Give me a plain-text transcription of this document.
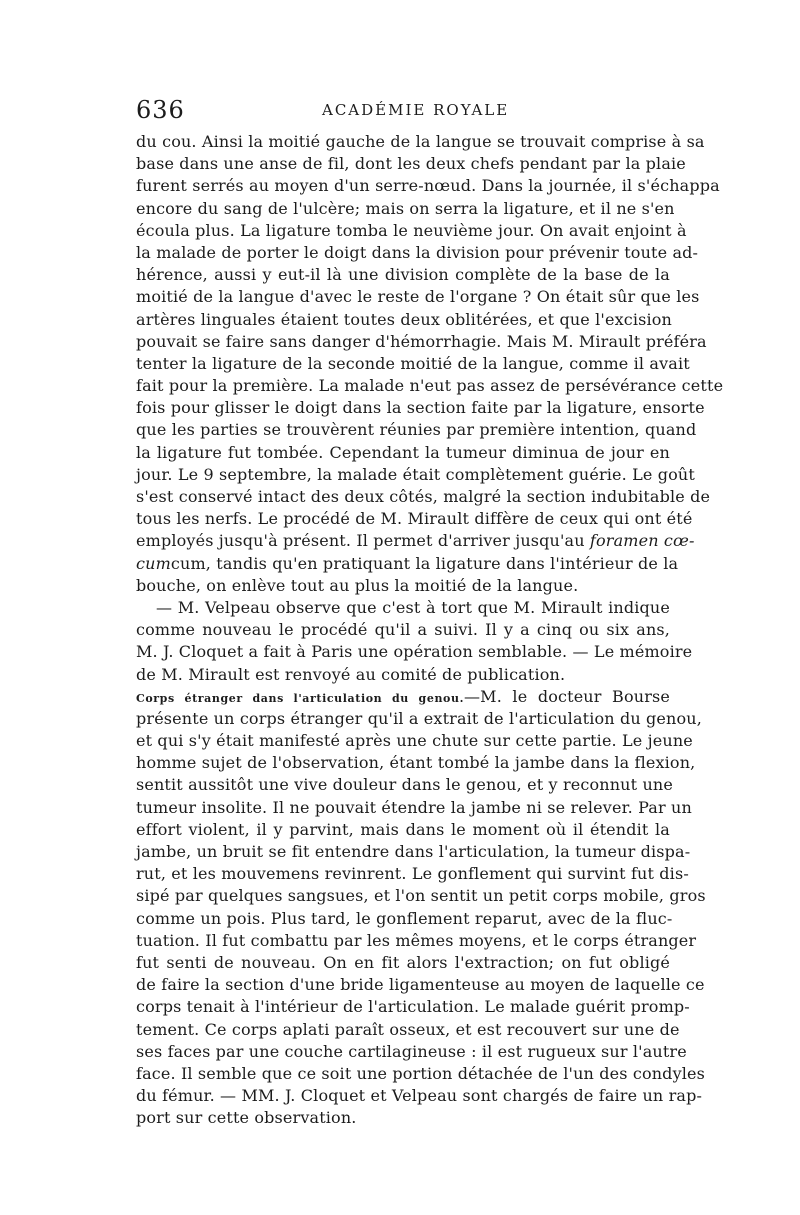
636	ACADÉMIE ROYALE
du cou. Ainsi la moitié gauche de la langue se trouvait comprise à sa
base dans une anse de fil, dont les deux chefs pendant par la plaie
furent serrés au moyen d'un serre-nœud. Dans la journée, il s'échappa
encore du sang de l'ulcère; mais on serra la ligature, et il ne s'en
écoula plus. La ligature tomba le neuvième jour. On avait enjoint à
la malade de porter le doigt dans la division pour prévenir toute ad-
hérence, aussi y eut-il là une division complète de la base de la
moitié de la langue d'avec le reste de l'organe ? On était sûr que les
artères linguales étaient toutes deux oblitérées, et que l'excision
pouvait se faire sans danger d'hémorrhagie. Mais M. Mirault préféra
tenter la ligature de la seconde moitié de la langue, comme il avait
fait pour la première. La malade n'eut pas assez de persévérance cette
fois pour glisser le doigt dans la section faite par la ligature, ensorte
que les parties se trouvèrent réunies par première intention, quand
la ligature fut tombée. Cependant la tumeur diminua de jour en
jour. Le 9 septembre, la malade était complètement guérie. Le goût
s'est conservé intact des deux côtés, malgré la section indubitable de
tous les nerfs. Le procédé de M. Mirault diffère de ceux qui ont été
employés jusqu'à présent. Il permet d'arriver jusqu'au foramen cœ-
cumcum, tandis qu'en pratiquant la ligature dans l'intérieur de la
bouche, on enlève tout au plus la moitié de la langue.
— M. Velpeau observe que c'est à tort que M. Mirault indique
comme nouveau le procédé qu'il a suivi. Il y a cinq ou six ans,
M. J. Cloquet a fait à Paris une opération semblable. — Le mémoire
de M. Mirault est renvoyé au comité de publication.
Corps étranger dans l'articulation du genou.—M. le docteur Bourse
présente un corps étranger qu'il a extrait de l'articulation du genou,
et qui s'y était manifesté après une chute sur cette partie. Le jeune
homme sujet de l'observation, étant tombé la jambe dans la flexion,
sentit aussitôt une vive douleur dans le genou, et y reconnut une
tumeur insolite. Il ne pouvait étendre la jambe ni se relever. Par un
effort violent, il y parvint, mais dans le moment où il étendit la
jambe, un bruit se fit entendre dans l'articulation, la tumeur dispa-
rut, et les mouvemens revinrent. Le gonflement qui survint fut dis-
sipé par quelques sangsues, et l'on sentit un petit corps mobile, gros
comme un pois. Plus tard, le gonflement reparut, avec de la fluc-
tuation. Il fut combattu par les mêmes moyens, et le corps étranger
fut senti de nouveau. On en fit alors l'extraction; on fut obligé
de faire la section d'une bride ligamenteuse au moyen de laquelle ce
corps tenait à l'intérieur de l'articulation. Le malade guérit promp-
tement. Ce corps aplati paraît osseux, et est recouvert sur une de
ses faces par une couche cartilagineuse : il est rugueux sur l'autre
face. Il semble que ce soit une portion détachée de l'un des condyles
du fémur. — MM. J. Cloquet et Velpeau sont chargés de faire un rap-
port sur cette observation.
